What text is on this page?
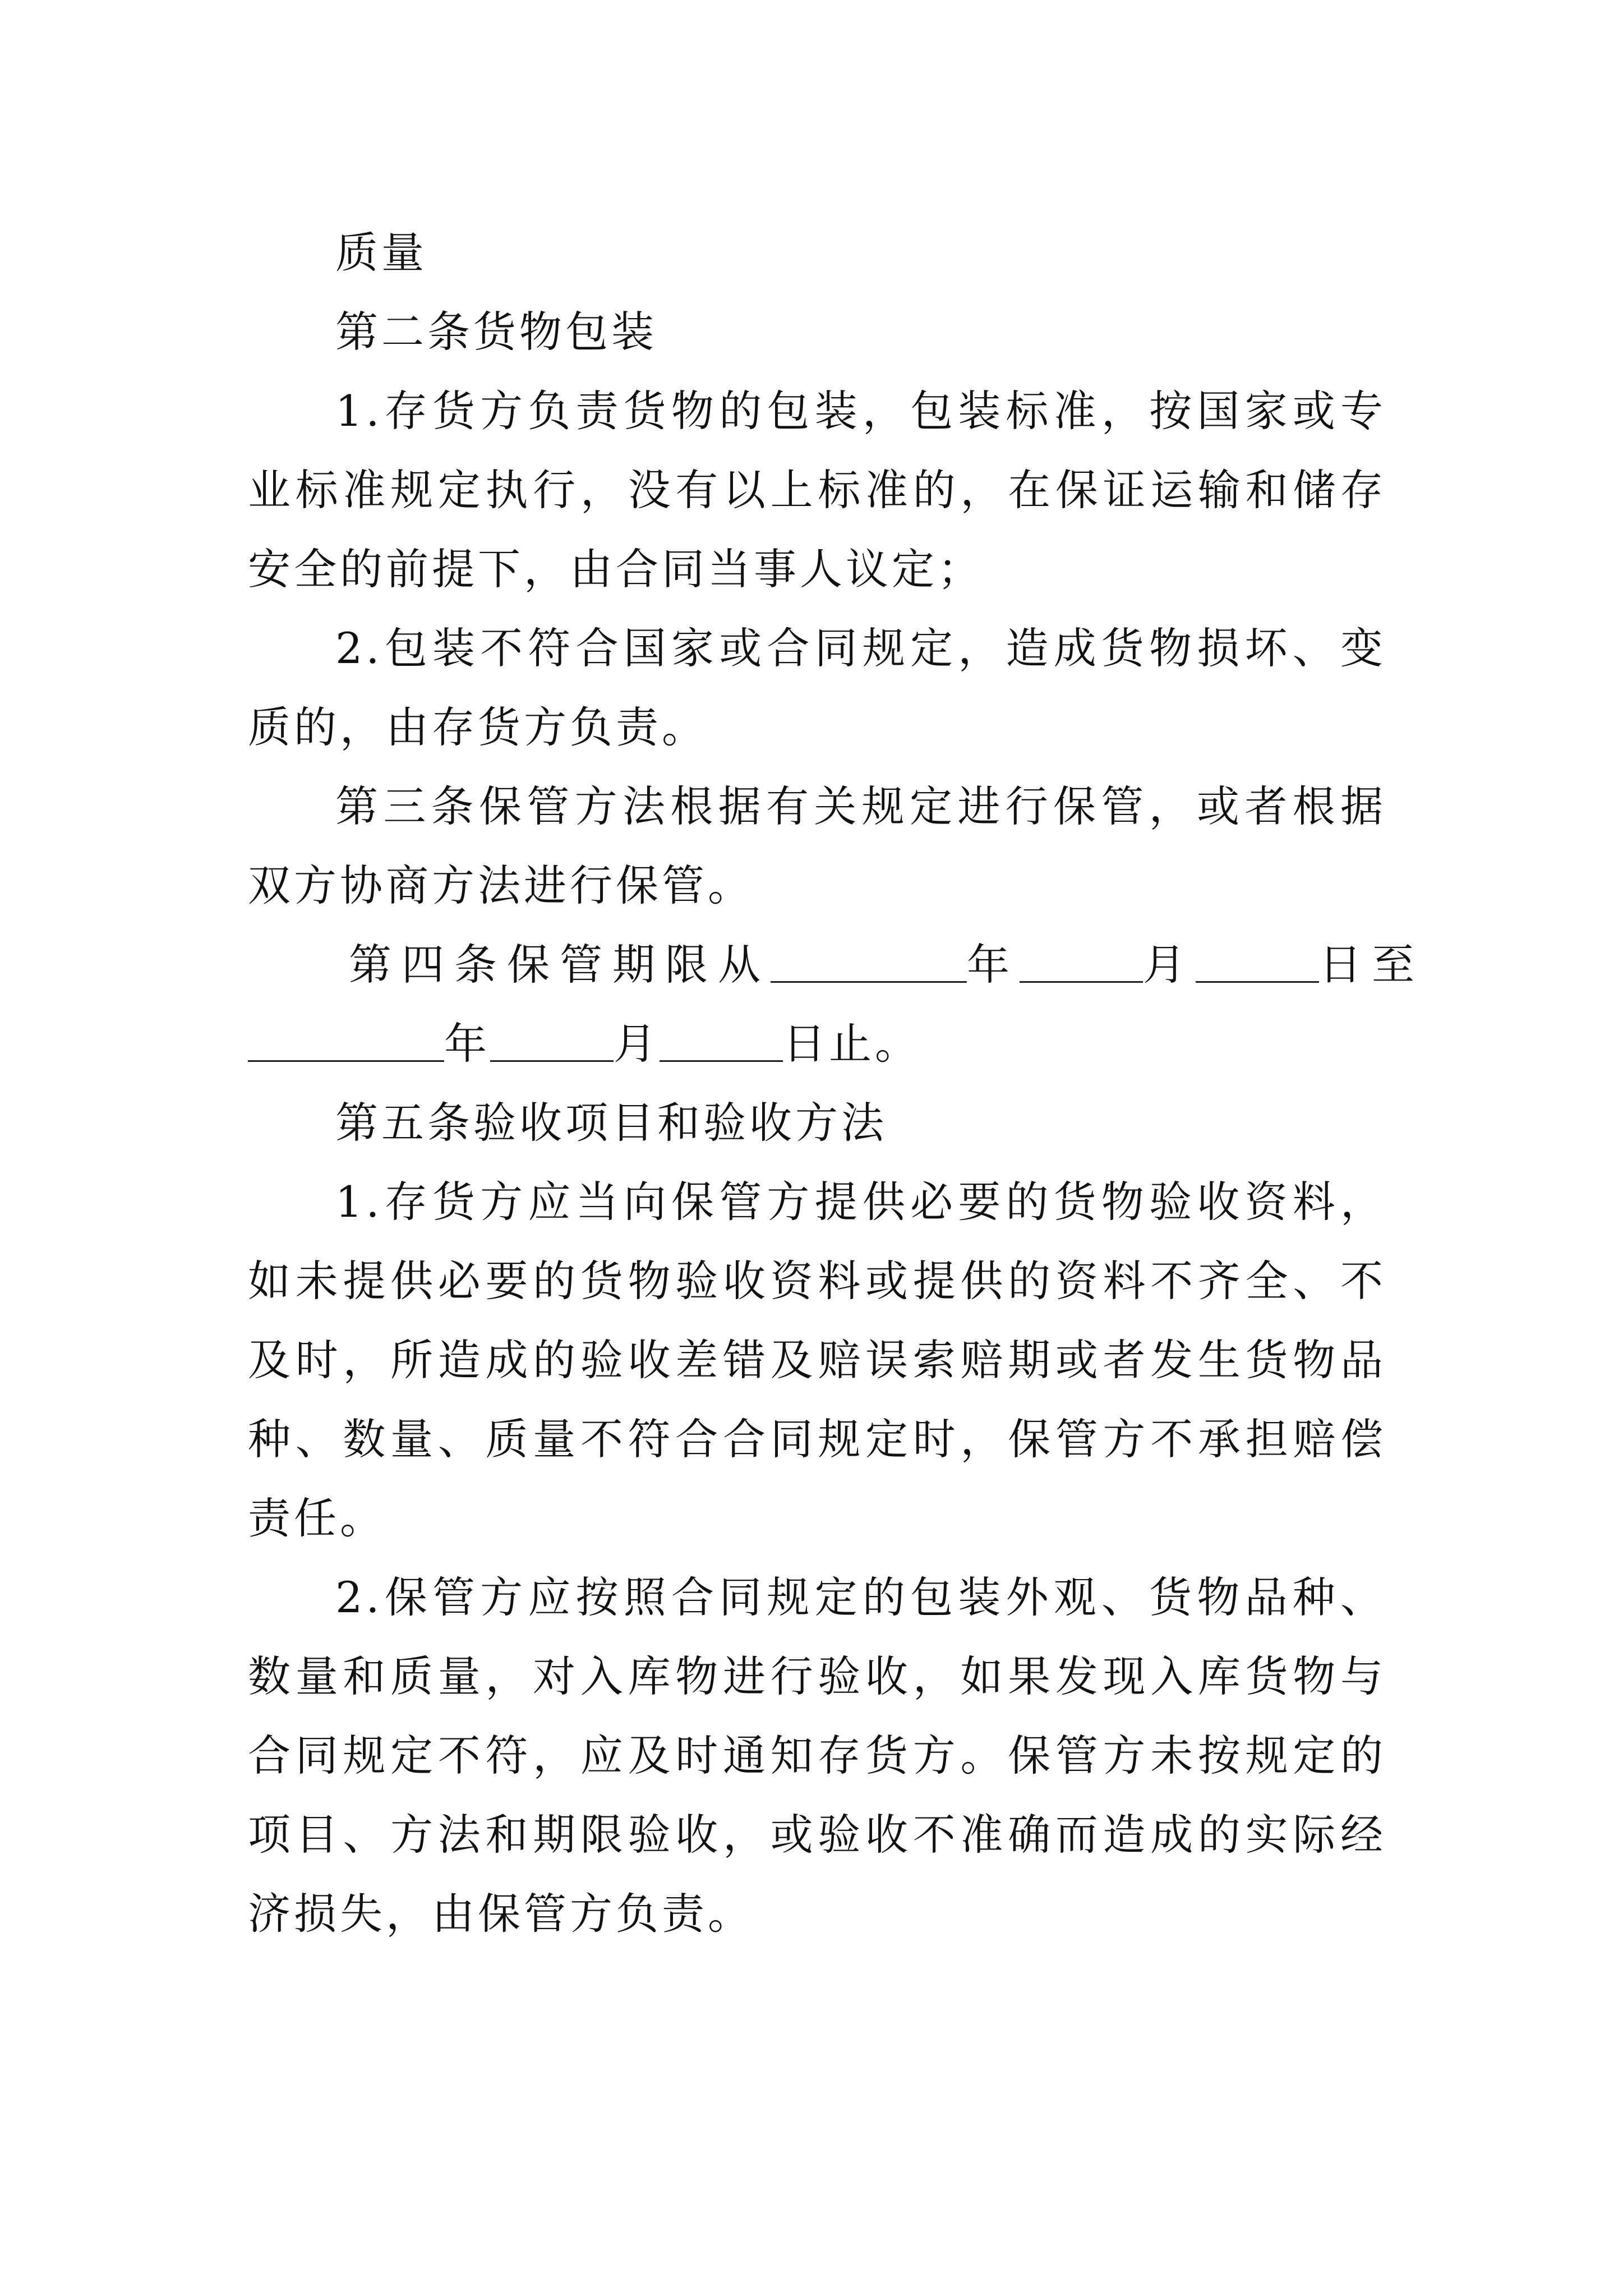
质量

第二条货物包装

1.存货方负责货物的包装，包装标准，按国家或专业标准规定执行，没有以上标准的，在保证运输和储存安全的前提下，由合同当事人议定；

2.包装不符合国家或合同规定，造成货物损坏、变质的，由存货方负责。

第三条保管方法根据有关规定进行保管，或者根据双方协商方法进行保管。

第四条保管期限从	年	月	日至

年	月	日止。

第五条验收项目和验收方法

1.存货方应当向保管方提供必要的货物验收资料，如未提供必要的货物验收资料或提供的资料不齐全、不及时，所造成的验收差错及赔误索赔期或者发生货物品种、数量、质量不符合合同规定时，保管方不承担赔偿责任。

2.保管方应按照合同规定的包装外观、货物品种、数量和质量，对入库物进行验收，如果发现入库货物与合同规定不符，应及时通知存货方。保管方未按规定的项目、方法和期限验收，或验收不准确而造成的实际经济损失，由保管方负责。
